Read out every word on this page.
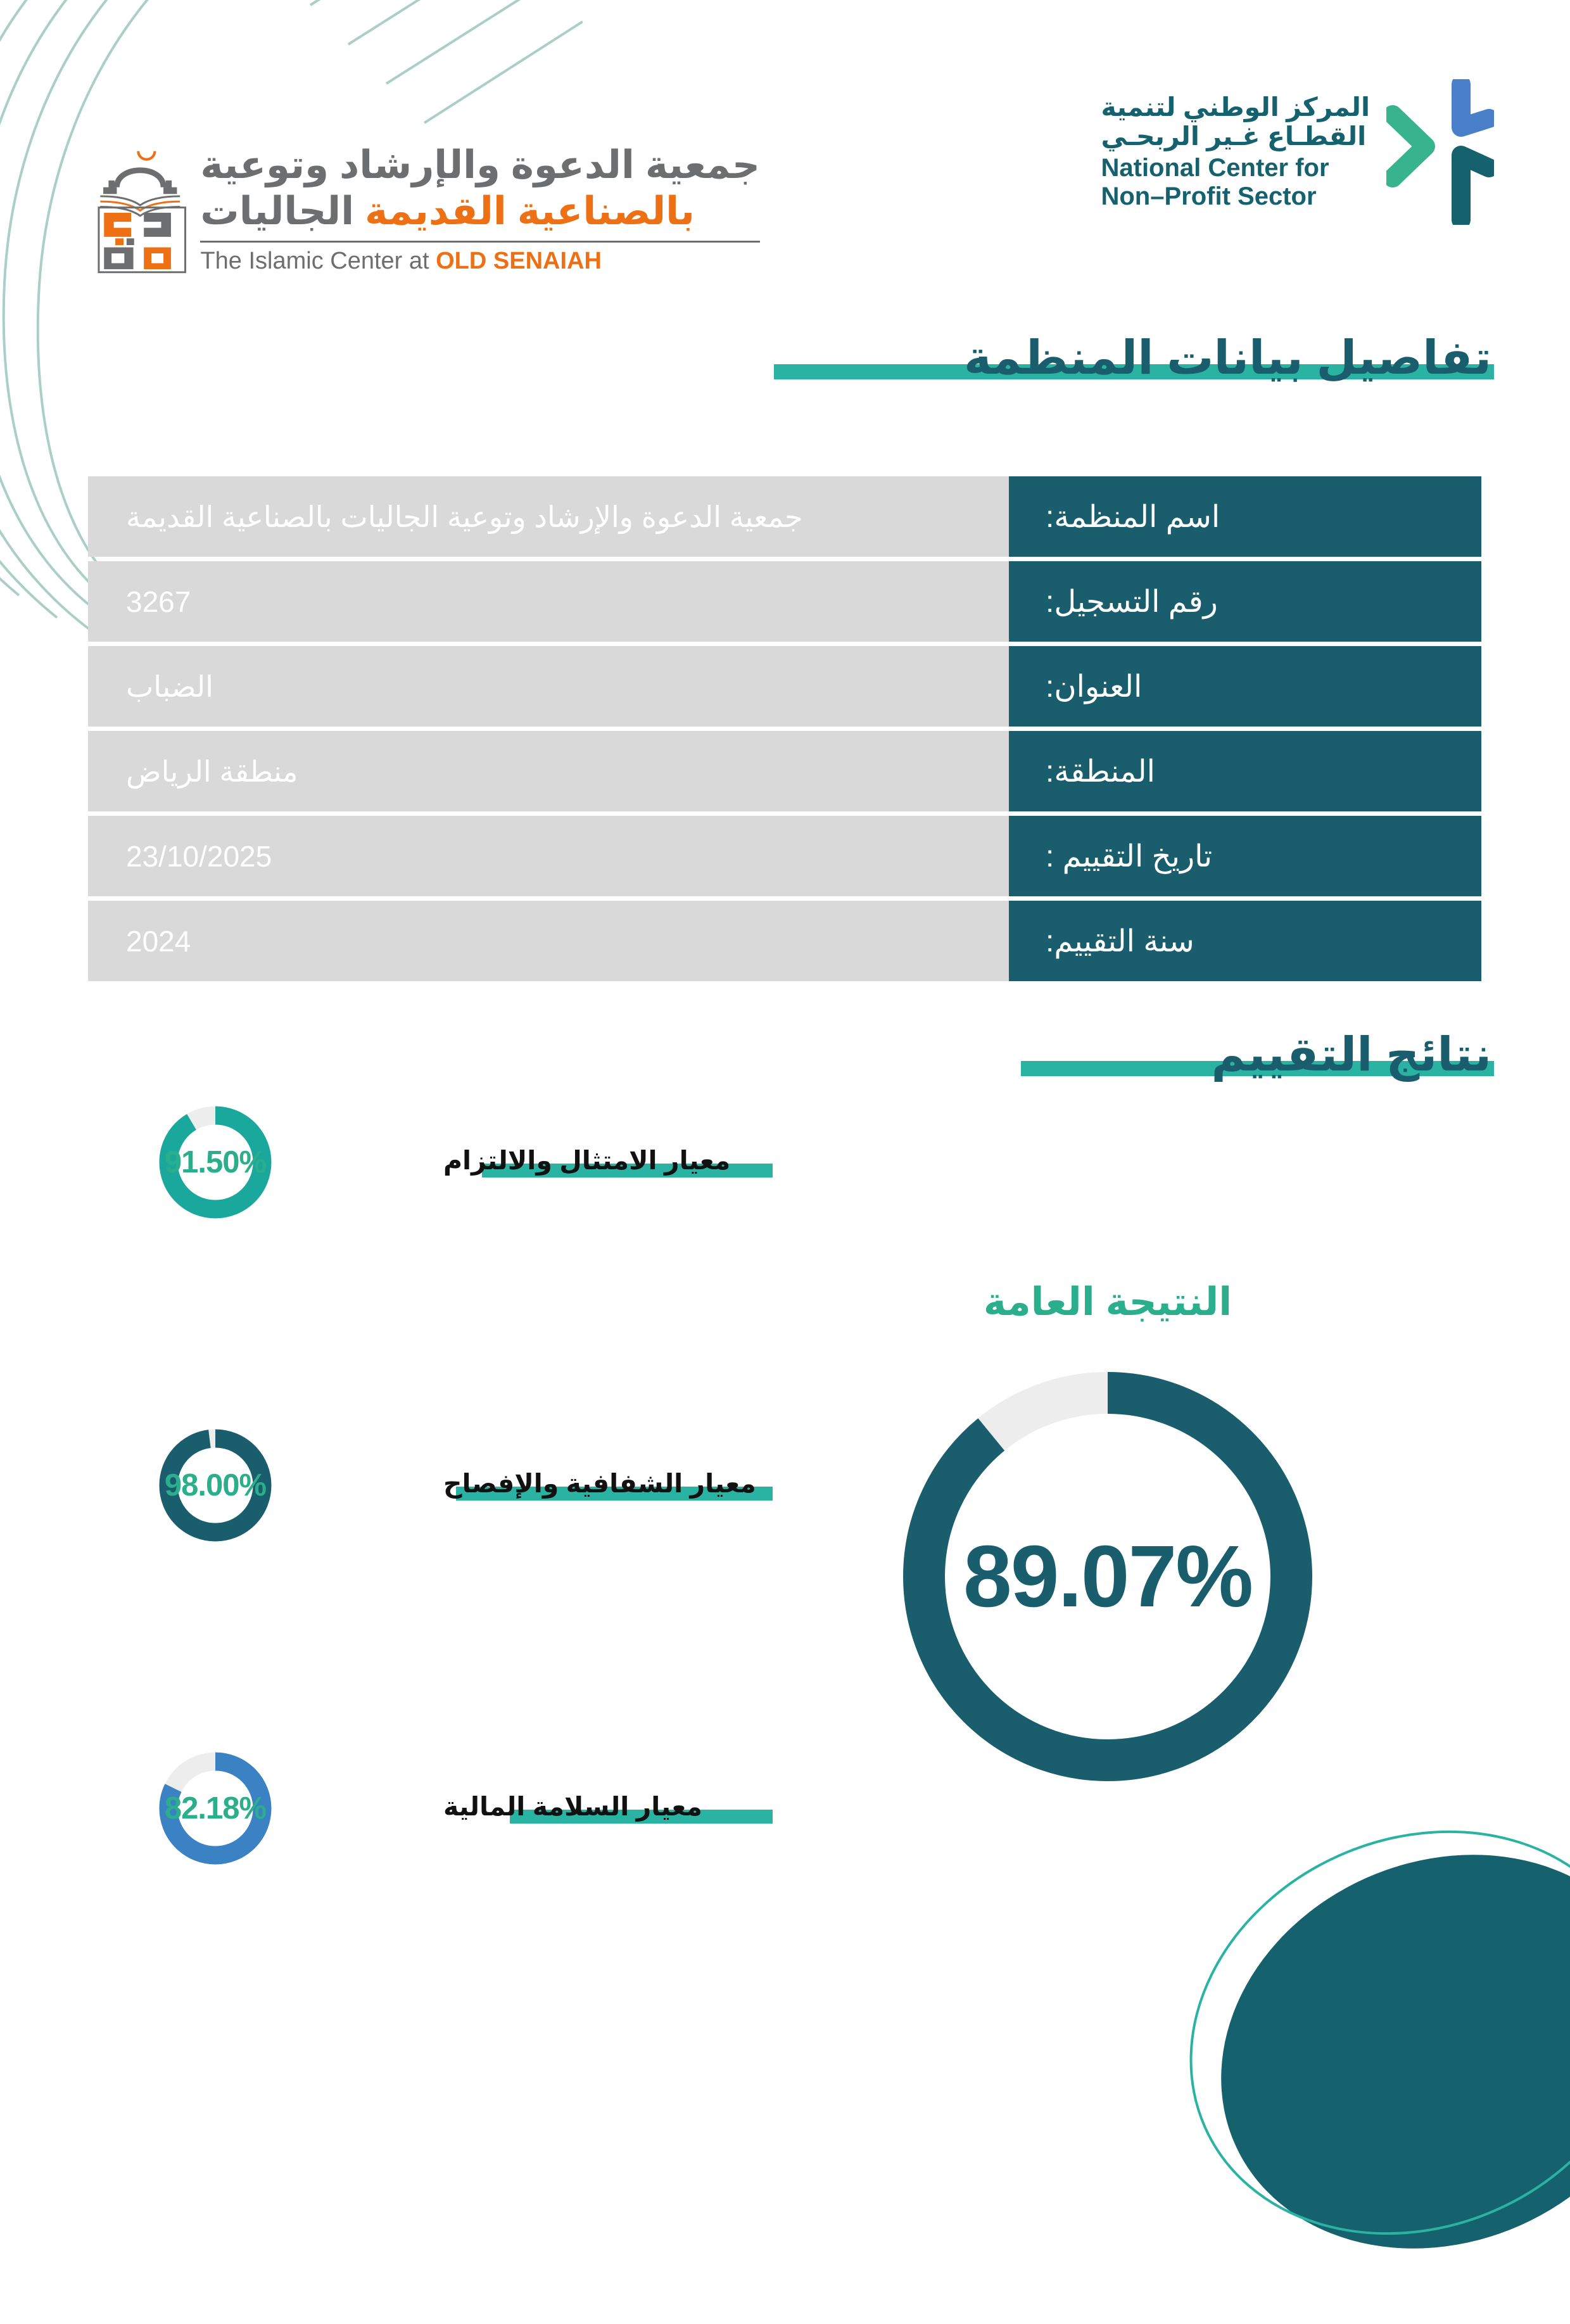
جمعية الدعوة والإرشاد وتوعية
بالصناعية القديمة الجاليات
The Islamic Center at OLD SENAIAH
المركز الوطني لتنمية
القطـاع غـير الربحـي
National Center for
Non–Profit Sector
تفاصيل بيانات المنظمة
اسم المنظمة:
جمعية الدعوة والإرشاد وتوعية الجاليات بالصناعية القديمة
رقم التسجيل:
3267
العنوان:
الضباب
المنطقة:
منطقة الرياض
تاريخ التقييم :
23/10/2025
سنة التقييم:
2024
نتائج التقييم
91.50%	معيار الامتثال والالتزام
98.00%	معيار الشفافية والإفصاح
82.18%	معيار السلامة المالية
النتيجة العامة
89.07%
